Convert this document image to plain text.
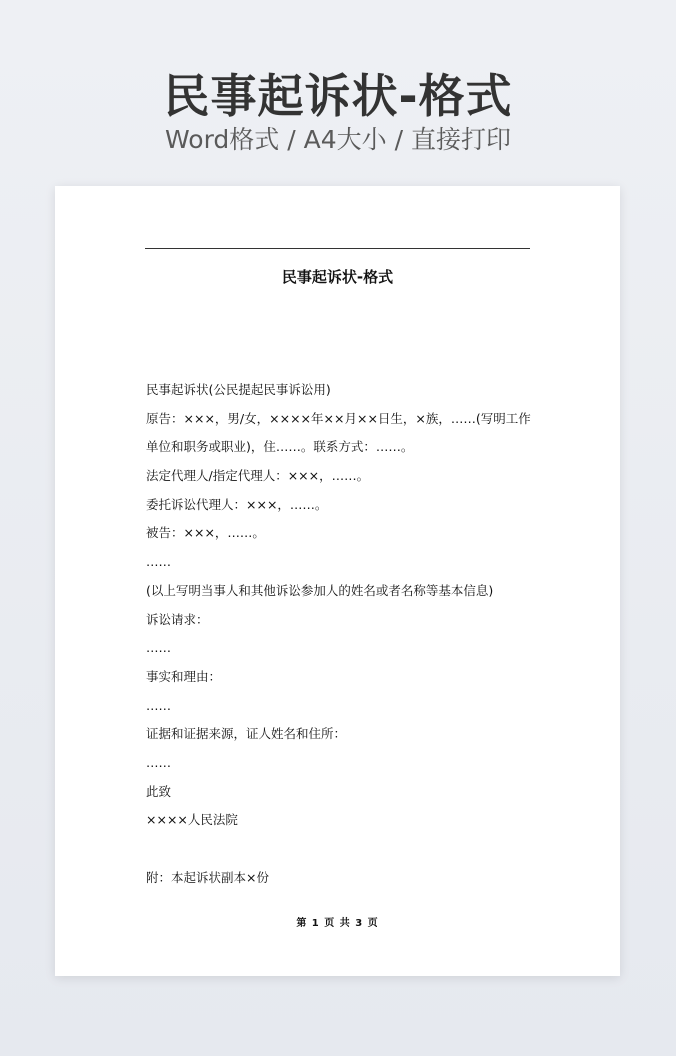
民事起诉状-格式
Word格式 / A4大小 / 直接打印
民事起诉状-格式
民事起诉状(公民提起民事诉讼用)
原告：×××，男/女，××××年××月××日生，×族，……(写明工作
单位和职务或职业)，住……。联系方式：……。
法定代理人/指定代理人：×××，……。
委托诉讼代理人：×××，……。
被告：×××，……。
……
(以上写明当事人和其他诉讼参加人的姓名或者名称等基本信息)
诉讼请求：
……
事实和理由：
……
证据和证据来源，证人姓名和住所：
……
此致
××××人民法院
附：本起诉状副本×份
第 1 页 共 3 页
